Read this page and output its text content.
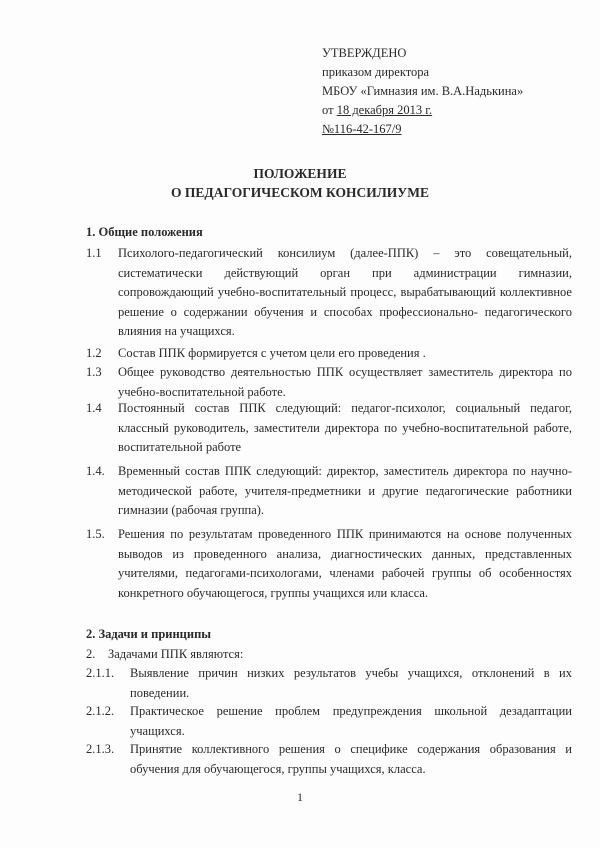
УТВЕРЖДЕНО
приказом директора
МБОУ «Гимназия им. В.А.Надькина»
от 18 декабря 2013 г.
№116-42-167/9
ПОЛОЖЕНИЕ
О ПЕДАГОГИЧЕСКОМ КОНСИЛИУМЕ
1. Общие положения
1.1 Психолого-педагогический консилиум (далее-ППК) – это совещательный, систематически действующий орган при администрации гимназии, сопровождающий учебно-воспитательный процесс, вырабатывающий коллективное решение о содержании обучения и способах профессионально- педагогического влияния на учащихся.
1.2 Состав ППК формируется с учетом цели его проведения .
1.3 Общее руководство деятельностью ППК осуществляет заместитель директора по учебно-воспитательной работе.
1.4 Постоянный состав ППК следующий: педагог-психолог, социальный педагог, классный руководитель, заместители директора по учебно-воспитательной работе, воспитательной работе
1.4. Временный состав ППК следующий: директор, заместитель директора по научно-методической работе, учителя-предметники и другие педагогические работники гимназии (рабочая группа).
1.5. Решения по результатам проведенного ППК принимаются на основе полученных выводов из проведенного анализа, диагностических данных, представленных учителями, педагогами-психологами, членами рабочей группы об особенностях конкретного обучающегося, группы учащихся или класса.
2. Задачи и принципы
2. Задачами ППК являются:
2.1.1. Выявление причин низких результатов учебы учащихся, отклонений в их поведении.
2.1.2. Практическое решение проблем предупреждения школьной дезадаптации учащихся.
2.1.3. Принятие коллективного решения о специфике содержания образования и обучения для обучающегося, группы учащихся, класса.
1
